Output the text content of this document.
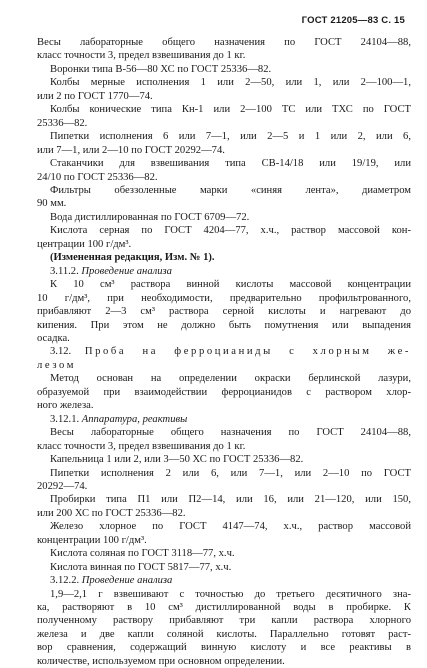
ГОСТ 21205—83 С. 15
Весы лабораторные общего назначения по ГОСТ 24104—88,
класс точности 3, предел взвешивания до 1 кг.
Воронки типа В-56—80 ХС по ГОСТ 25336—82.
Колбы мерные исполнения 1 или 2—50, или 1, или 2—100—1,
или 2 по ГОСТ 1770—74.
Колбы конические типа Кн-1 или 2—100 ТС или ТХС по ГОСТ
25336—82.
Пипетки исполнения 6 или 7—1, или 2—5 и 1 или 2, или 6,
или 7—1, или 2—10 по ГОСТ 20292—74.
Стаканчики для взвешивания типа СВ-14/18 или 19/19, или
24/10 по ГОСТ 25336—82.
Фильтры обеззоленные марки «синяя лента», диаметром
90 мм.
Вода дистиллированная по ГОСТ 6709—72.
Кислота серная по ГОСТ 4204—77, х.ч., раствор массовой кон-
центрации 100 г/дм³.
(Измененная редакция, Изм. № 1).
3.11.2. Проведение анализа
К 10 см³ раствора винной кислоты массовой концентрации
10 г/дм³, при необходимости, предварительно профильтрованного,
прибавляют 2—3 см³ раствора серной кислоты и нагревают до
кипения. При этом не должно быть помутнения или выпадения
осадка.
3.12. Проба на ферроцианиды с хлорным же-
лезом
Метод основан на определении окраски берлинской лазури,
образуемой при взаимодействии ферроцианидов с раствором хлор-
ного железа.
3.12.1. Аппаратура, реактивы
Весы лабораторные общего назначения по ГОСТ 24104—88,
класс точности 3, предел взвешивания до 1 кг.
Капельница 1 или 2, или 3—50 ХС по ГОСТ 25336—82.
Пипетки исполнения 2 или 6, или 7—1, или 2—10 по ГОСТ
20292—74.
Пробирки типа П1 или П2—14, или 16, или 21—120, или 150,
или 200 ХС по ГОСТ 25336—82.
Железо хлорное по ГОСТ 4147—74, х.ч., раствор массовой
концентрации 100 г/дм³.
Кислота соляная по ГОСТ 3118—77, х.ч.
Кислота винная по ГОСТ 5817—77, х.ч.
3.12.2. Проведение анализа
1,9—2,1 г взвешивают с точностью до третьего десятичного зна-
ка, растворяют в 10 см³ дистиллированной воды в пробирке. К
полученному раствору прибавляют три капли раствора хлорного
железа и две капли соляной кислоты. Параллельно готовят раст-
вор сравнения, содержащий винную кислоту и все реактивы в
количестве, используемом при основном определении.
